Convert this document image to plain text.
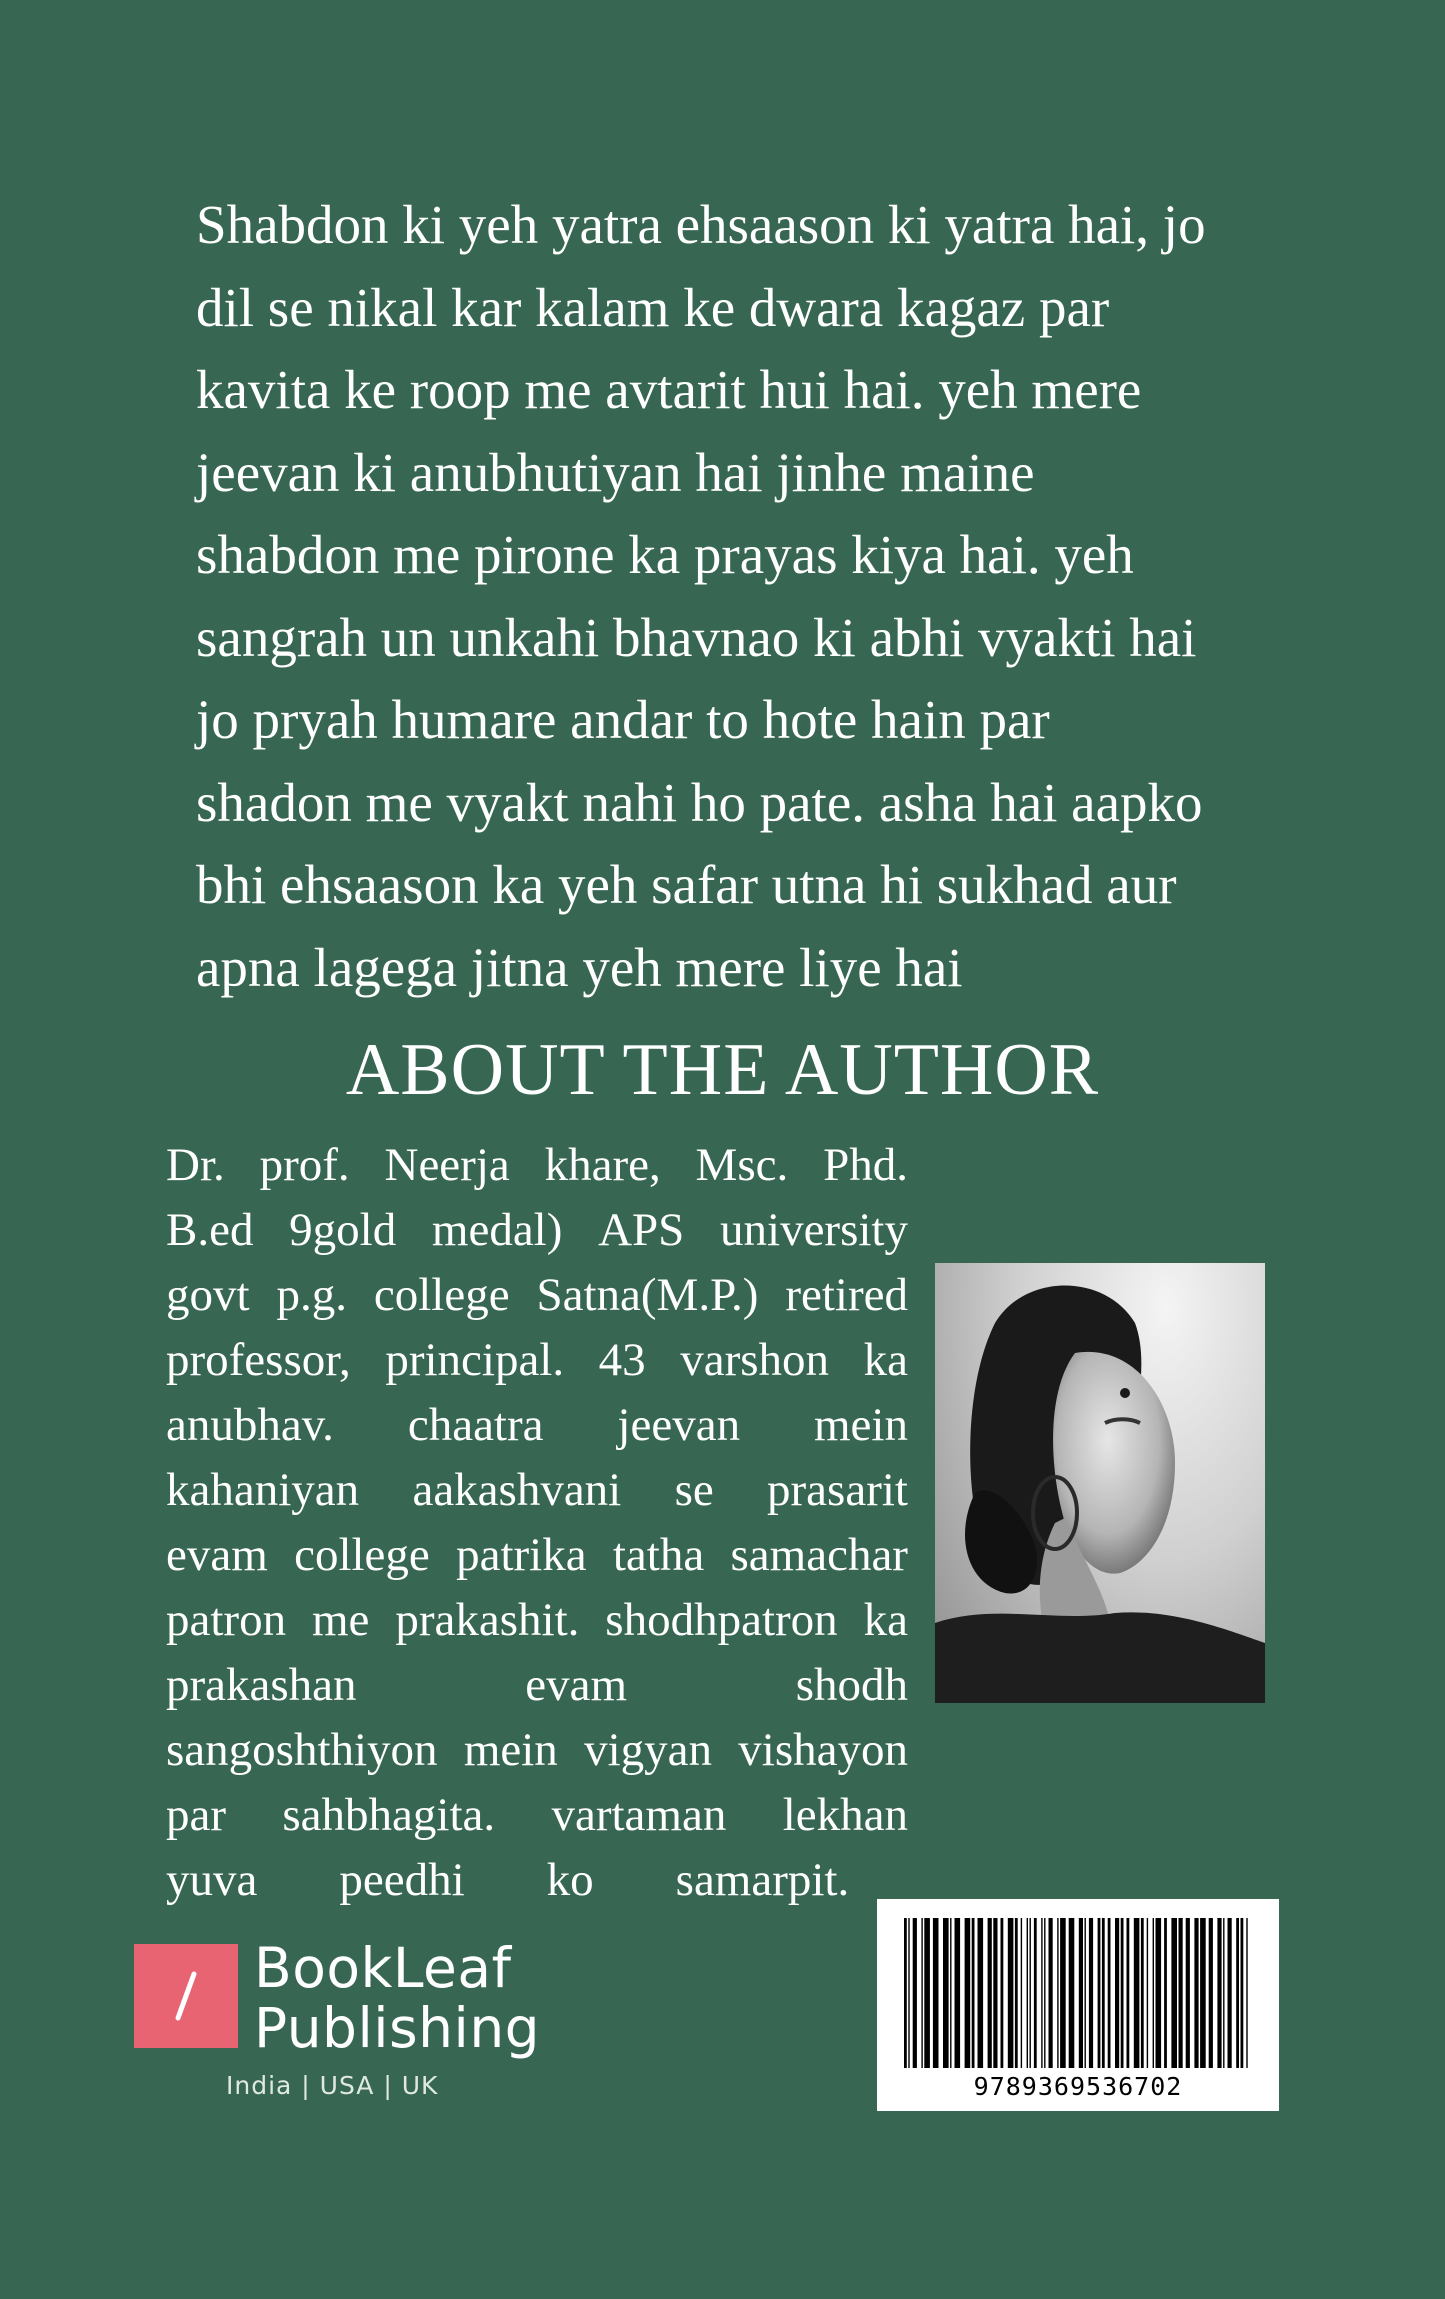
Shabdon ki yeh yatra ehsaason ki yatra hai, jo
dil se nikal kar kalam ke dwara kagaz par
kavita ke roop me avtarit hui hai. yeh mere
jeevan ki anubhutiyan hai jinhe maine
shabdon me pirone ka prayas kiya hai. yeh
sangrah un unkahi bhavnao ki abhi vyakti hai
jo pryah humare andar to hote hain par
shadon me vyakt nahi ho pate. asha hai aapko
bhi ehsaason ka yeh safar utna hi sukhad aur
apna lagega jitna yeh mere liye hai
ABOUT THE AUTHOR
Dr. prof. Neerja khare, Msc. Phd.
B.ed 9gold medal) APS university
govt p.g. college Satna(M.P.) retired
professor, principal. 43 varshon ka
anubhav. chaatra jeevan mein
kahaniyan aakashvani se prasarit
evam college patrika tatha samachar
patron me prakashit. shodhpatron ka
prakashan	evam	shodh
sangoshthiyon mein vigyan vishayon
par sahbhagita. vartaman lekhan
yuva peedhi ko samarpit.
BookLeaf
Publishing
India | USA | UK	9789369536702
